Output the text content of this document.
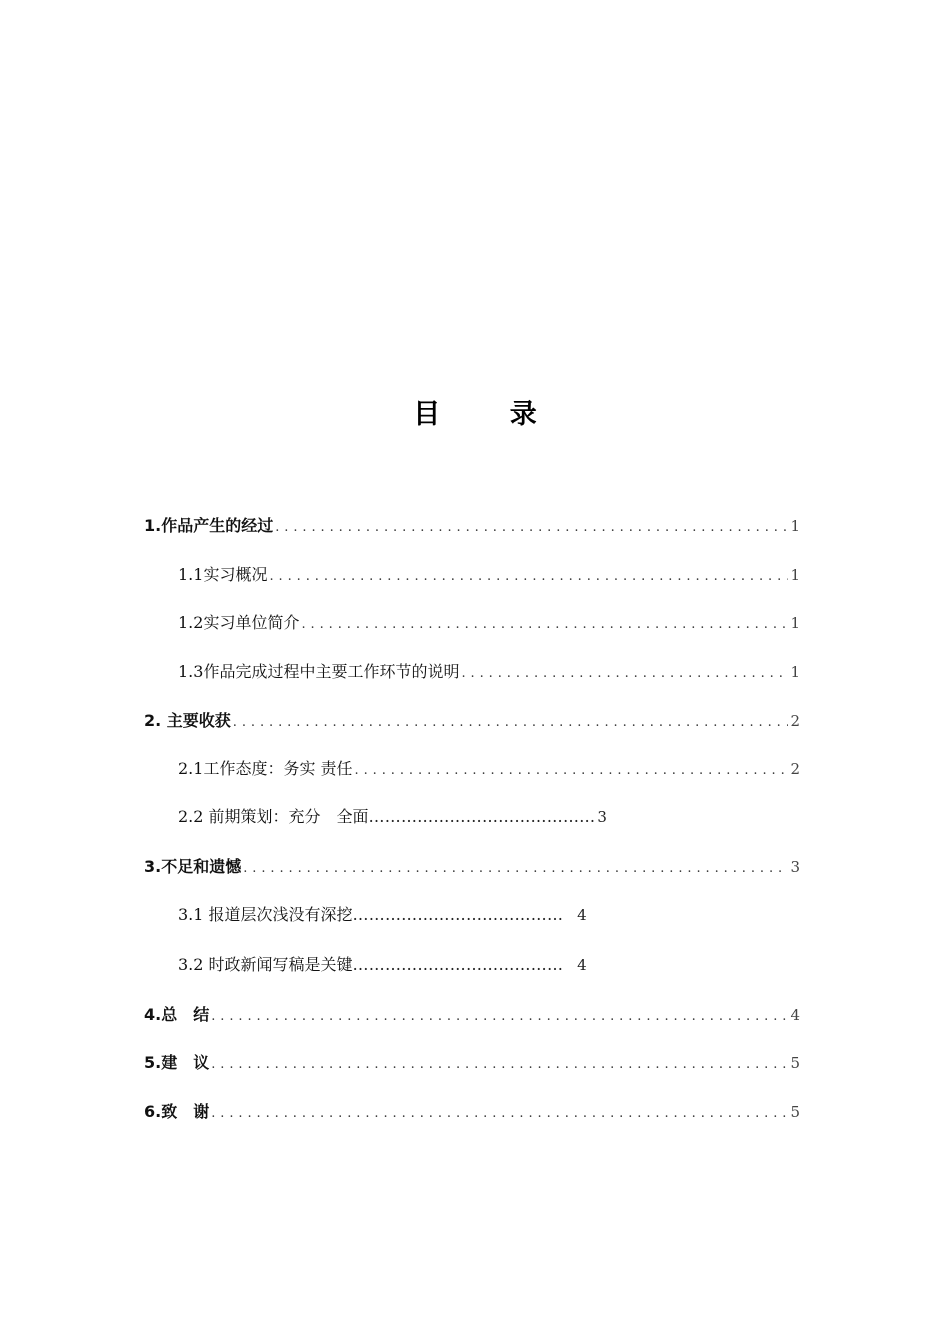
目 录
1.作品产生的经过 . . .	1
1.1实习概况 . . .	1
1.2实习单位简介 . . .	1
1.3作品完成过程中主要工作环节的说明 . . .	1
2. 主要收获 . . .	2
2.1工作态度：务实 责任 . . .	2
2.2 前期策划：充分　全面 …………………………………… 3
3.不足和遗憾 . . .	3
3.1 报道层次浅没有深挖 ………………………………… 4
3.2 时政新闻写稿是关键 ………………………………… 4
4.总　结 . . .	4
5.建　议 . . .	5
6.致　谢 . . .	5
